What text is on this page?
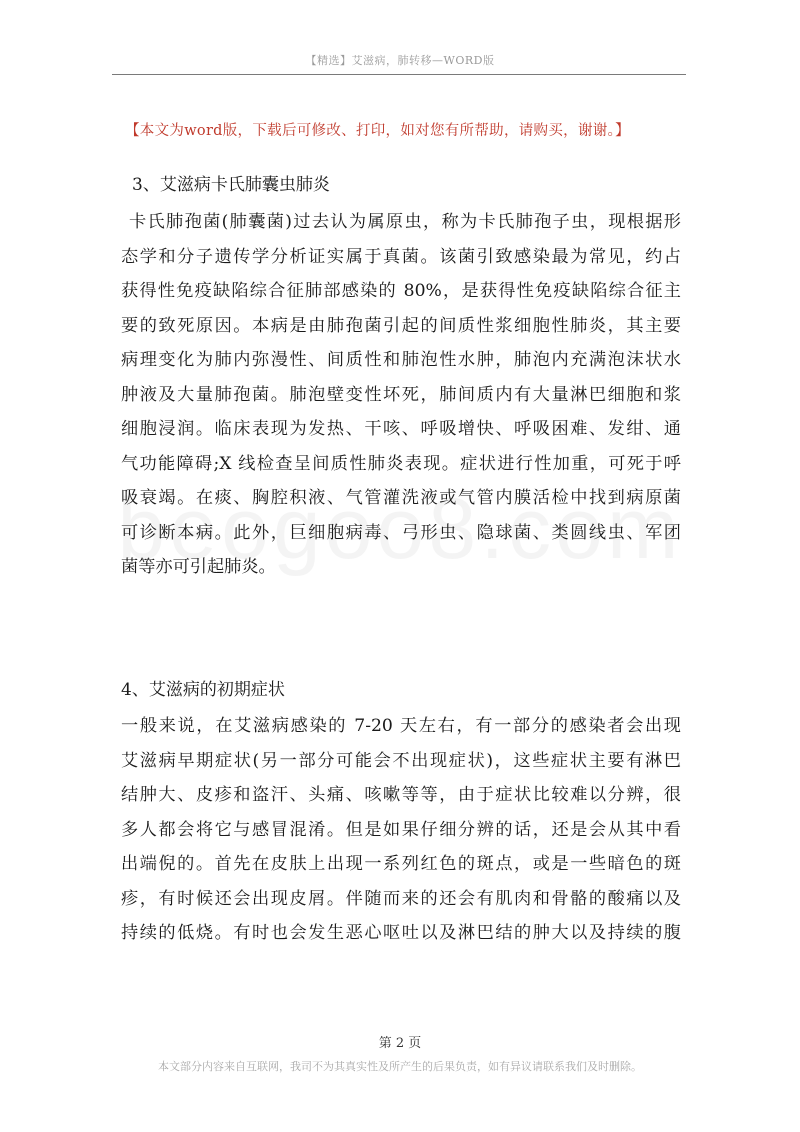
【精选】艾滋病，肺转移—WORD版
【本文为word版，下载后可修改、打印，如对您有所帮助，请购买，谢谢。】
3、艾滋病卡氏肺囊虫肺炎
卡氏肺孢菌(肺囊菌)过去认为属原虫，称为卡氏肺孢子虫，现根据形
态学和分子遗传学分析证实属于真菌。该菌引致感染最为常见，约占
获得性免疫缺陷综合征肺部感染的 80%，是获得性免疫缺陷综合征主
要的致死原因。本病是由肺孢菌引起的间质性浆细胞性肺炎，其主要
病理变化为肺内弥漫性、间质性和肺泡性水肿，肺泡内充满泡沫状水
肿液及大量肺孢菌。肺泡壁变性坏死，肺间质内有大量淋巴细胞和浆
细胞浸润。临床表现为发热、干咳、呼吸增快、呼吸困难、发绀、通
气功能障碍;X 线检查呈间质性肺炎表现。症状进行性加重，可死于呼
吸衰竭。在痰、胸腔积液、气管灌洗液或气管内膜活检中找到病原菌
可诊断本病。此外，巨细胞病毒、弓形虫、隐球菌、类圆线虫、军团
菌等亦可引起肺炎。
4、艾滋病的初期症状
一般来说，在艾滋病感染的 7-20 天左右，有一部分的感染者会出现
艾滋病早期症状(另一部分可能会不出现症状)，这些症状主要有淋巴
结肿大、皮疹和盗汗、头痛、咳嗽等等，由于症状比较难以分辨，很
多人都会将它与感冒混淆。但是如果仔细分辨的话，还是会从其中看
出端倪的。首先在皮肤上出现一系列红色的斑点，或是一些暗色的斑
疹，有时候还会出现皮屑。伴随而来的还会有肌肉和骨骼的酸痛以及
持续的低烧。有时也会发生恶心呕吐以及淋巴结的肿大以及持续的腹
第 2 页
本文部分内容来自互联网，我司不为其真实性及所产生的后果负责，如有异议请联系我们及时删除。
